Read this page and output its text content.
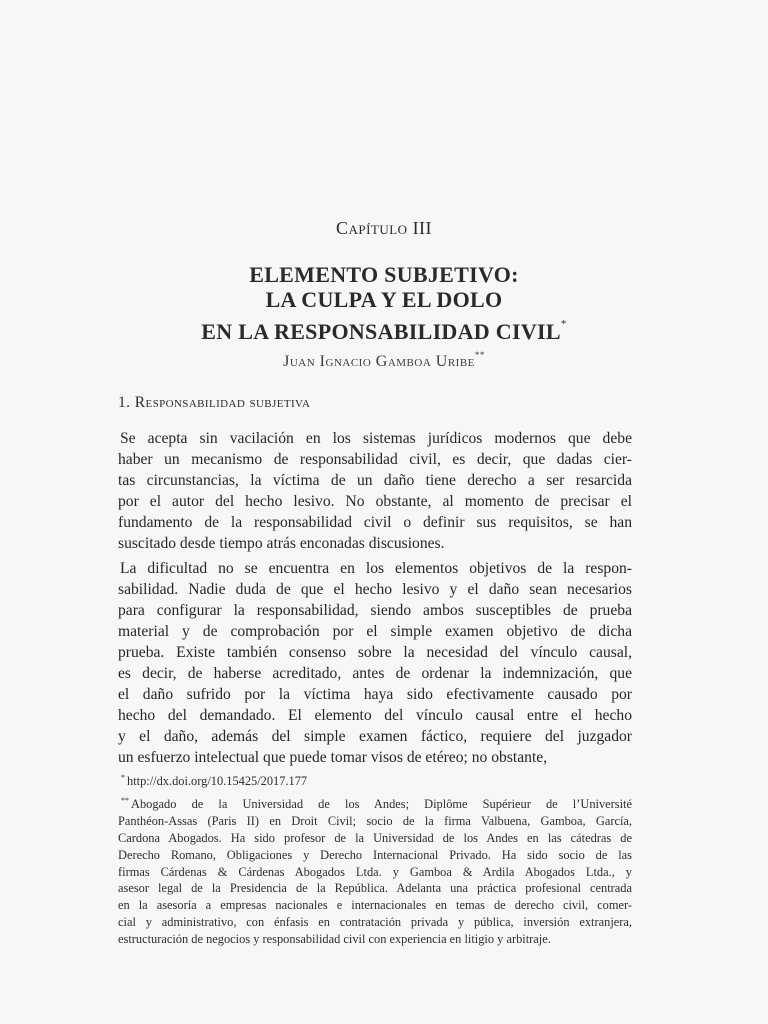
Capítulo III
ELEMENTO SUBJETIVO:
LA CULPA Y EL DOLO
EN LA RESPONSABILIDAD CIVIL*
Juan Ignacio Gamboa Uribe**
1. Responsabilidad subjetiva

Se acepta sin vacilación en los sistemas jurídicos modernos que debe
haber un mecanismo de responsabilidad civil, es decir, que dadas cier-
tas circunstancias, la víctima de un daño tiene derecho a ser resarcida
por el autor del hecho lesivo. No obstante, al momento de precisar el
fundamento de la responsabilidad civil o definir sus requisitos, se han
suscitado desde tiempo atrás enconadas discusiones.

La dificultad no se encuentra en los elementos objetivos de la respon-
sabilidad. Nadie duda de que el hecho lesivo y el daño sean necesarios
para configurar la responsabilidad, siendo ambos susceptibles de prueba
material y de comprobación por el simple examen objetivo de dicha
prueba. Existe también consenso sobre la necesidad del vínculo causal,
es decir, de haberse acreditado, antes de ordenar la indemnización, que
el daño sufrido por la víctima haya sido efectivamente causado por
hecho del demandado. El elemento del vínculo causal entre el hecho
y el daño, además del simple examen fáctico, requiere del juzgador
un esfuerzo intelectual que puede tomar visos de etéreo; no obstante,

* http://dx.doi.org/10.15425/2017.177
** Abogado de la Universidad de los Andes; Diplôme Supérieur de l’Université
Panthéon-Assas (Paris II) en Droit Civil; socio de la firma Valbuena, Gamboa, García,
Cardona Abogados. Ha sido profesor de la Universidad de los Andes en las cátedras de
Derecho Romano, Obligaciones y Derecho Internacional Privado. Ha sido socio de las
firmas Cárdenas & Cárdenas Abogados Ltda. y Gamboa & Ardila Abogados Ltda., y
asesor legal de la Presidencia de la República. Adelanta una práctica profesional centrada
en la asesoría a empresas nacionales e internacionales en temas de derecho civil, comer-
cial y administrativo, con énfasis en contratación privada y pública, inversión extranjera,
estructuración de negocios y responsabilidad civil con experiencia en litigio y arbitraje.
